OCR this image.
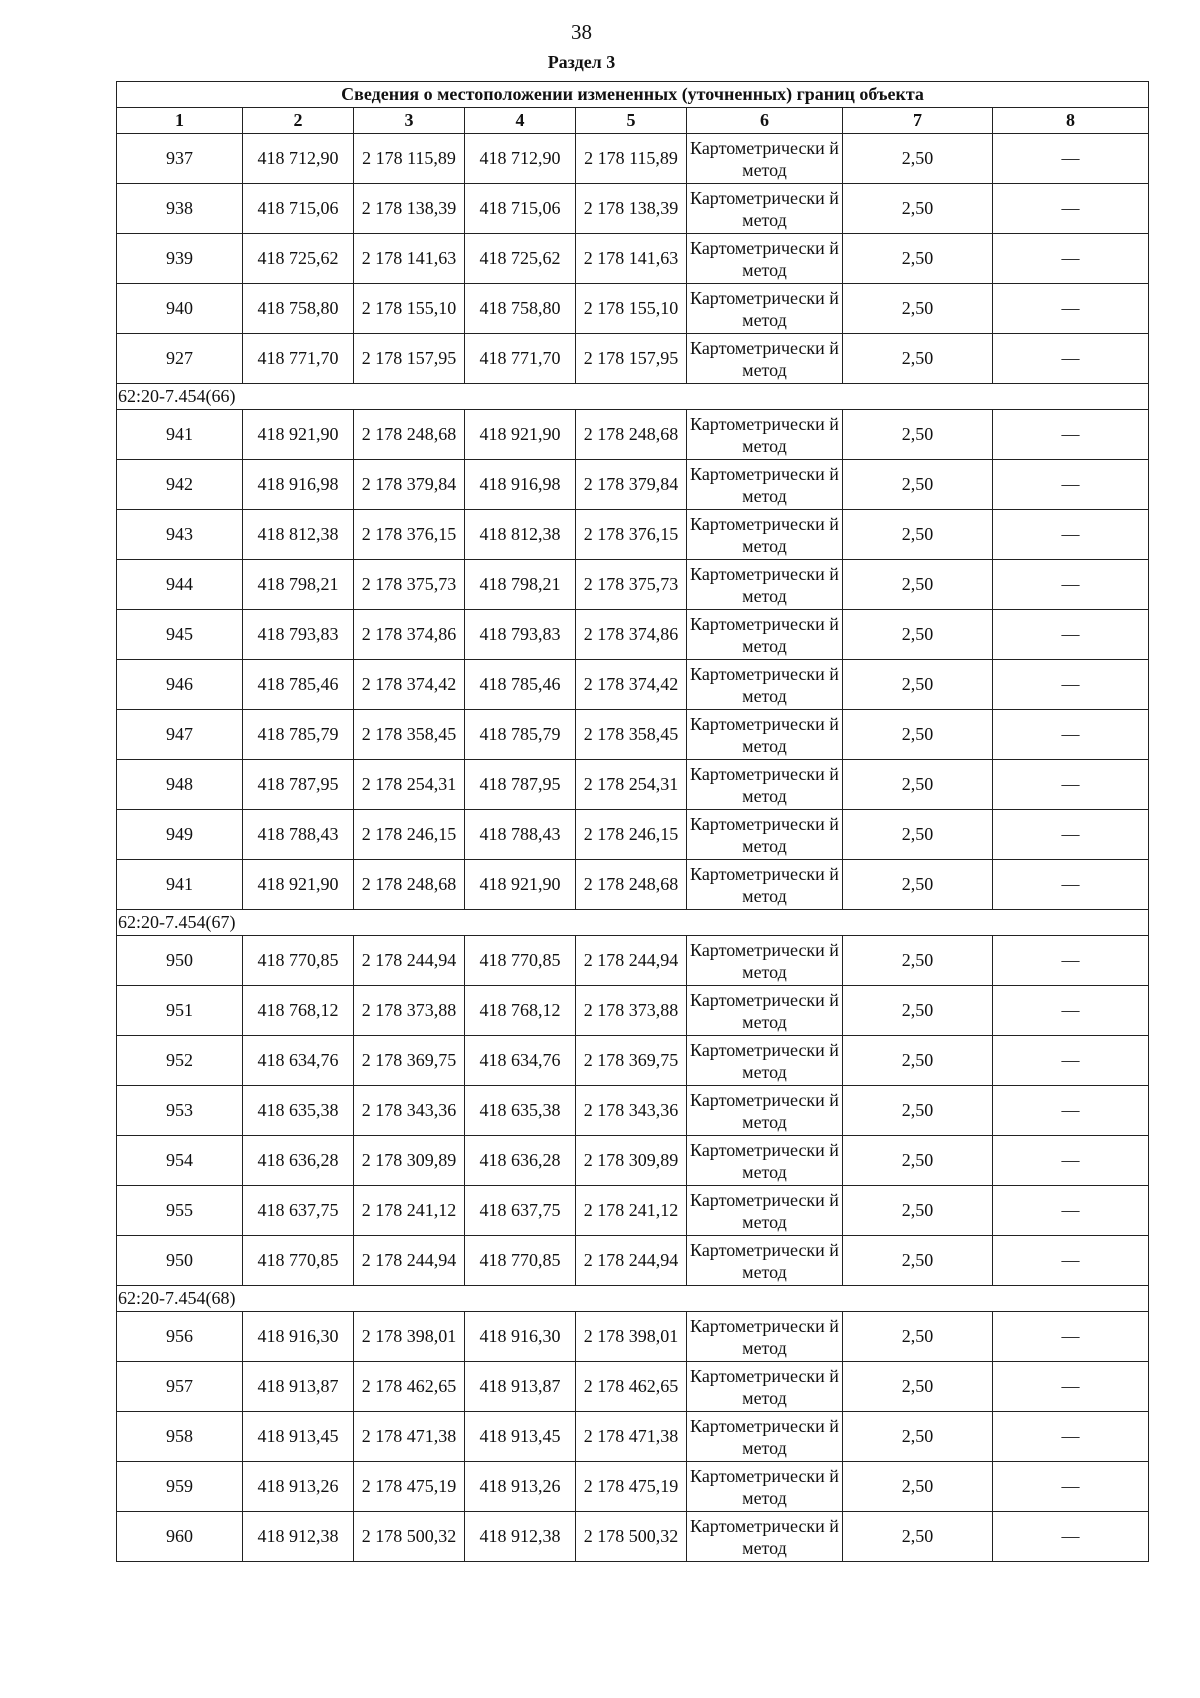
38
Раздел 3
Сведения о местоположении измененных (уточненных) границ объекта							
1	2	3	4	5	6	7	8
937	418 712,90	2 178 115,89	418 712,90	2 178 115,89	Картометрически й метод	2,50	—
938	418 715,06	2 178 138,39	418 715,06	2 178 138,39	Картометрически й метод	2,50	—
939	418 725,62	2 178 141,63	418 725,62	2 178 141,63	Картометрически й метод	2,50	—
940	418 758,80	2 178 155,10	418 758,80	2 178 155,10	Картометрически й метод	2,50	—
927	418 771,70	2 178 157,95	418 771,70	2 178 157,95	Картометрически й метод	2,50	—
62:20-7.454(66)							
941	418 921,90	2 178 248,68	418 921,90	2 178 248,68	Картометрически й метод	2,50	—
942	418 916,98	2 178 379,84	418 916,98	2 178 379,84	Картометрически й метод	2,50	—
943	418 812,38	2 178 376,15	418 812,38	2 178 376,15	Картометрически й метод	2,50	—
944	418 798,21	2 178 375,73	418 798,21	2 178 375,73	Картометрически й метод	2,50	—
945	418 793,83	2 178 374,86	418 793,83	2 178 374,86	Картометрически й метод	2,50	—
946	418 785,46	2 178 374,42	418 785,46	2 178 374,42	Картометрически й метод	2,50	—
947	418 785,79	2 178 358,45	418 785,79	2 178 358,45	Картометрически й метод	2,50	—
948	418 787,95	2 178 254,31	418 787,95	2 178 254,31	Картометрически й метод	2,50	—
949	418 788,43	2 178 246,15	418 788,43	2 178 246,15	Картометрически й метод	2,50	—
941	418 921,90	2 178 248,68	418 921,90	2 178 248,68	Картометрически й метод	2,50	—
62:20-7.454(67)							
950	418 770,85	2 178 244,94	418 770,85	2 178 244,94	Картометрически й метод	2,50	—
951	418 768,12	2 178 373,88	418 768,12	2 178 373,88	Картометрически й метод	2,50	—
952	418 634,76	2 178 369,75	418 634,76	2 178 369,75	Картометрически й метод	2,50	—
953	418 635,38	2 178 343,36	418 635,38	2 178 343,36	Картометрически й метод	2,50	—
954	418 636,28	2 178 309,89	418 636,28	2 178 309,89	Картометрически й метод	2,50	—
955	418 637,75	2 178 241,12	418 637,75	2 178 241,12	Картометрически й метод	2,50	—
950	418 770,85	2 178 244,94	418 770,85	2 178 244,94	Картометрически й метод	2,50	—
62:20-7.454(68)							
956	418 916,30	2 178 398,01	418 916,30	2 178 398,01	Картометрически й метод	2,50	—
957	418 913,87	2 178 462,65	418 913,87	2 178 462,65	Картометрически й метод	2,50	—
958	418 913,45	2 178 471,38	418 913,45	2 178 471,38	Картометрически й метод	2,50	—
959	418 913,26	2 178 475,19	418 913,26	2 178 475,19	Картометрически й метод	2,50	—
960	418 912,38	2 178 500,32	418 912,38	2 178 500,32	Картометрически й метод	2,50	—
